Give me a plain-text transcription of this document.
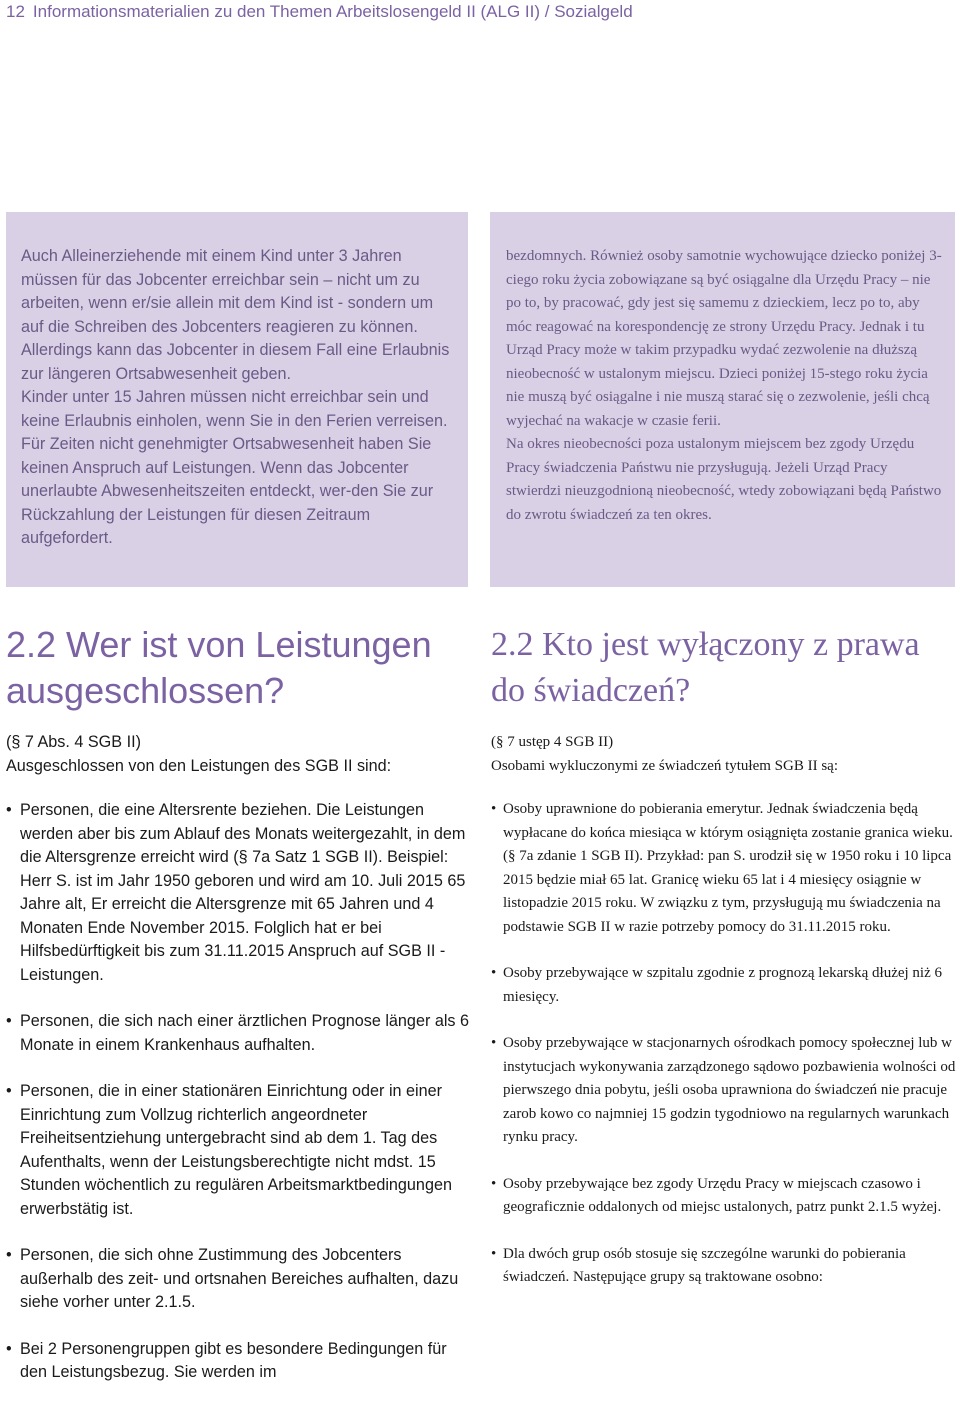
12 Informationsmaterialien zu den Themen Arbeitslosengeld II (ALG II) / Sozialgeld

Auch Alleinerziehende mit einem Kind unter 3 Jahren müssen für das Jobcenter erreichbar sein – nicht um zu arbeiten, wenn er/sie allein mit dem Kind ist - sondern um auf die Schreiben des Jobcenters reagieren zu können. Allerdings kann das Jobcenter in diesem Fall eine Erlaubnis zur längeren Ortsabwesenheit geben.

Kinder unter 15 Jahren müssen nicht erreichbar sein und keine Erlaubnis einholen, wenn Sie in den Ferien verreisen.

Für Zeiten nicht genehmigter Ortsabwesenheit haben Sie keinen Anspruch auf Leistungen. Wenn das Jobcenter unerlaubte Abwesenheitszeiten entdeckt, wer-den Sie zur Rückzahlung der Leistungen für diesen Zeitraum aufgefordert.

bezdomnych. Również osoby samotnie wychowujące dziecko poniżej 3-ciego roku życia zobowiązane są być osiągalne dla Urzędu Pracy – nie po to, by pracować, gdy jest się samemu z dzieckiem, lecz po to, aby móc reagować na korespondencję ze strony Urzędu Pracy. Jednak i tu Urząd Pracy może w takim przypadku wydać zezwolenie na dłuższą nieobecność w ustalonym miejscu. Dzieci poniżej 15-stego roku życia nie muszą być osiągalne i nie muszą starać się o zezwolenie, jeśli chcą wyjechać na wakacje w czasie ferii.

Na okres nieobecności poza ustalonym miejscem bez zgody Urzędu Pracy świadczenia Państwu nie przysługują. Jeżeli Urząd Pracy stwierdzi nieuzgodnioną nieobecność, wtedy zobowiązani będą Państwo do zwrotu świadczeń za ten okres.

2.2 Wer ist von Leistungen ausgeschlossen?

(§ 7 Abs. 4 SGB II)

Ausgeschlossen von den Leistungen des SGB II sind:

• Personen, die eine Altersrente beziehen. Die Leistungen werden aber bis zum Ablauf des Monats weitergezahlt, in dem die Altersgrenze erreicht wird (§ 7a Satz 1 SGB II). Beispiel: Herr S. ist im Jahr 1950 geboren und wird am 10. Juli 2015 65 Jahre alt, Er erreicht die Altersgrenze mit 65 Jahren und 4 Monaten Ende November 2015. Folglich hat er bei Hilfsbedürftigkeit bis zum 31.11.2015 Anspruch auf SGB II - Leistungen.

• Personen, die sich nach einer ärztlichen Prognose länger als 6 Monate in einem Krankenhaus aufhalten.

• Personen, die in einer stationären Einrichtung oder in einer Einrichtung zum Vollzug richterlich angeordneter Freiheitsentziehung untergebracht sind ab dem 1. Tag des Aufenthalts, wenn der Leistungsberechtigte nicht mdst. 15 Stunden wöchentlich zu regulären Arbeitsmarktbedingungen erwerbstätig ist.

• Personen, die sich ohne Zustimmung des Jobcenters außerhalb des zeit- und ortsnahen Bereiches aufhalten, dazu siehe vorher unter 2.1.5.

• Bei 2 Personengruppen gibt es besondere Bedingungen für den Leistungsbezug. Sie werden im

2.2 Kto jest wyłączony z prawa do świadczeń?

(§ 7 ustęp 4 SGB II)

Osobami wykluczonymi ze świadczeń tytułem SGB II są:

• Osoby uprawnione do pobierania emerytur. Jednak świadczenia będą wypłacane do końca miesiąca w którym osiągnięta zostanie granica wieku. (§ 7a zdanie 1 SGB II). Przykład: pan S. urodził się w 1950 roku i 10 lipca 2015 będzie miał 65 lat. Granicę wieku 65 lat i 4 miesięcy osiągnie w listopadzie 2015 roku. W związku z tym, przysługują mu świadczenia na podstawie SGB II w razie potrzeby pomocy do 31.11.2015 roku.

• Osoby przebywające w szpitalu zgodnie z prognozą lekarską dłużej niż 6 miesięcy.

• Osoby przebywające w stacjonarnych ośrodkach pomocy społecznej lub w instytucjach wykonywania zarządzonego sądowo pozbawienia wolności od pierwszego dnia pobytu, jeśli osoba uprawniona do świadczeń nie pracuje zarob kowo co najmniej 15 godzin tygodniowo na regularnych warunkach rynku pracy.

• Osoby przebywające bez zgody Urzędu Pracy w miejscach czasowo i geograficznie oddalonych od miejsc ustalonych, patrz punkt 2.1.5 wyżej.

• Dla dwóch grup osób stosuje się szczególne warunki do pobierania świadczeń. Następujące grupy są traktowane osobno:
